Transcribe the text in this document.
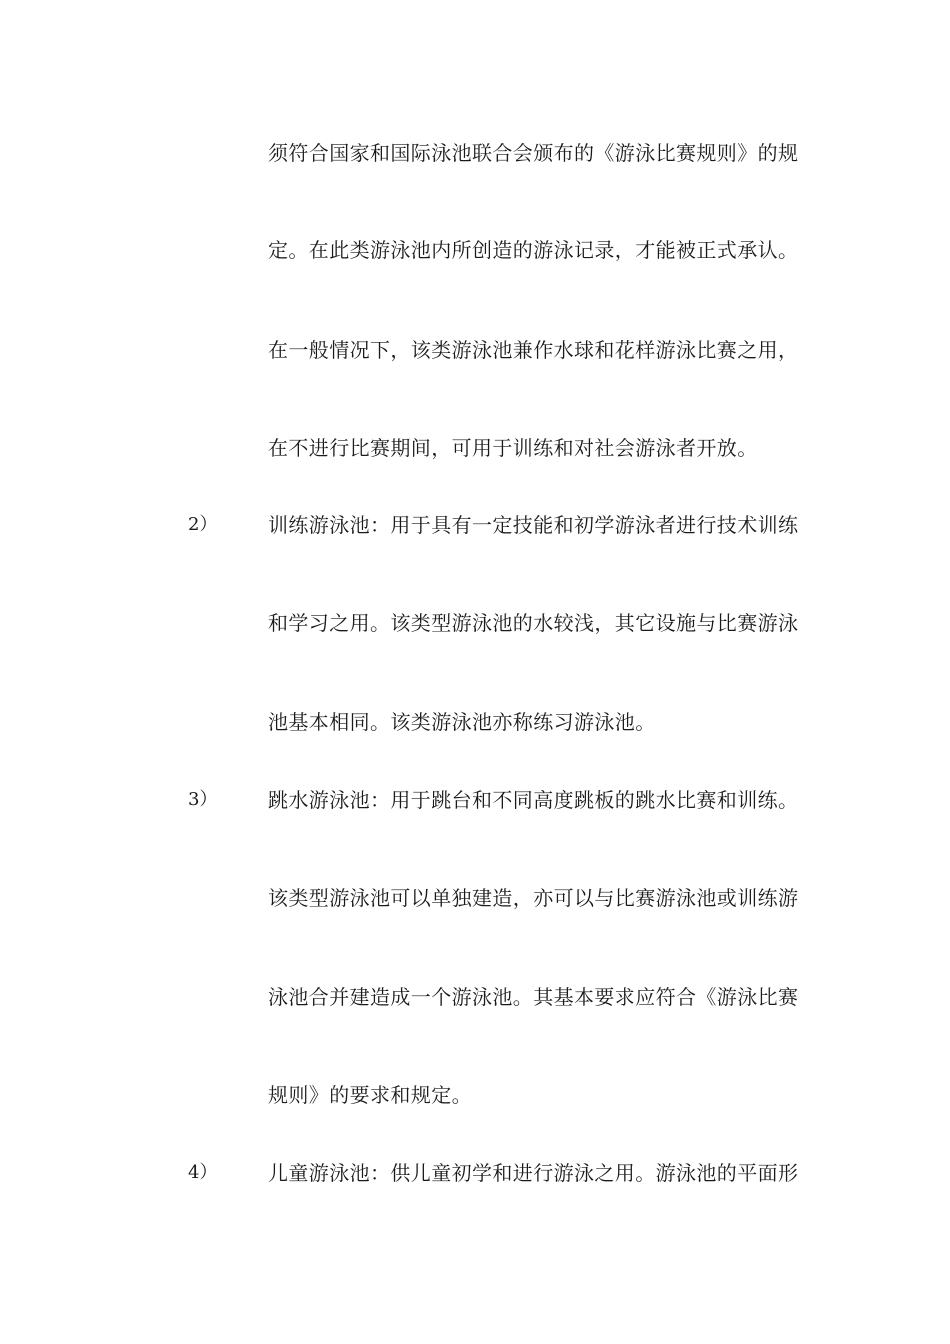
须符合国家和国际泳池联合会颁布的《游泳比赛规则》的规
定。在此类游泳池内所创造的游泳记录，才能被正式承认。
在一般情况下，该类游泳池兼作水球和花样游泳比赛之用，
在不进行比赛期间，可用于训练和对社会游泳者开放。
2）	训练游泳池：用于具有一定技能和初学游泳者进行技术训练
和学习之用。该类型游泳池的水较浅，其它设施与比赛游泳
池基本相同。该类游泳池亦称练习游泳池。
3）	跳水游泳池：用于跳台和不同高度跳板的跳水比赛和训练。
该类型游泳池可以单独建造，亦可以与比赛游泳池或训练游
泳池合并建造成一个游泳池。其基本要求应符合《游泳比赛
规则》的要求和规定。
4）	儿童游泳池：供儿童初学和进行游泳之用。游泳池的平面形
